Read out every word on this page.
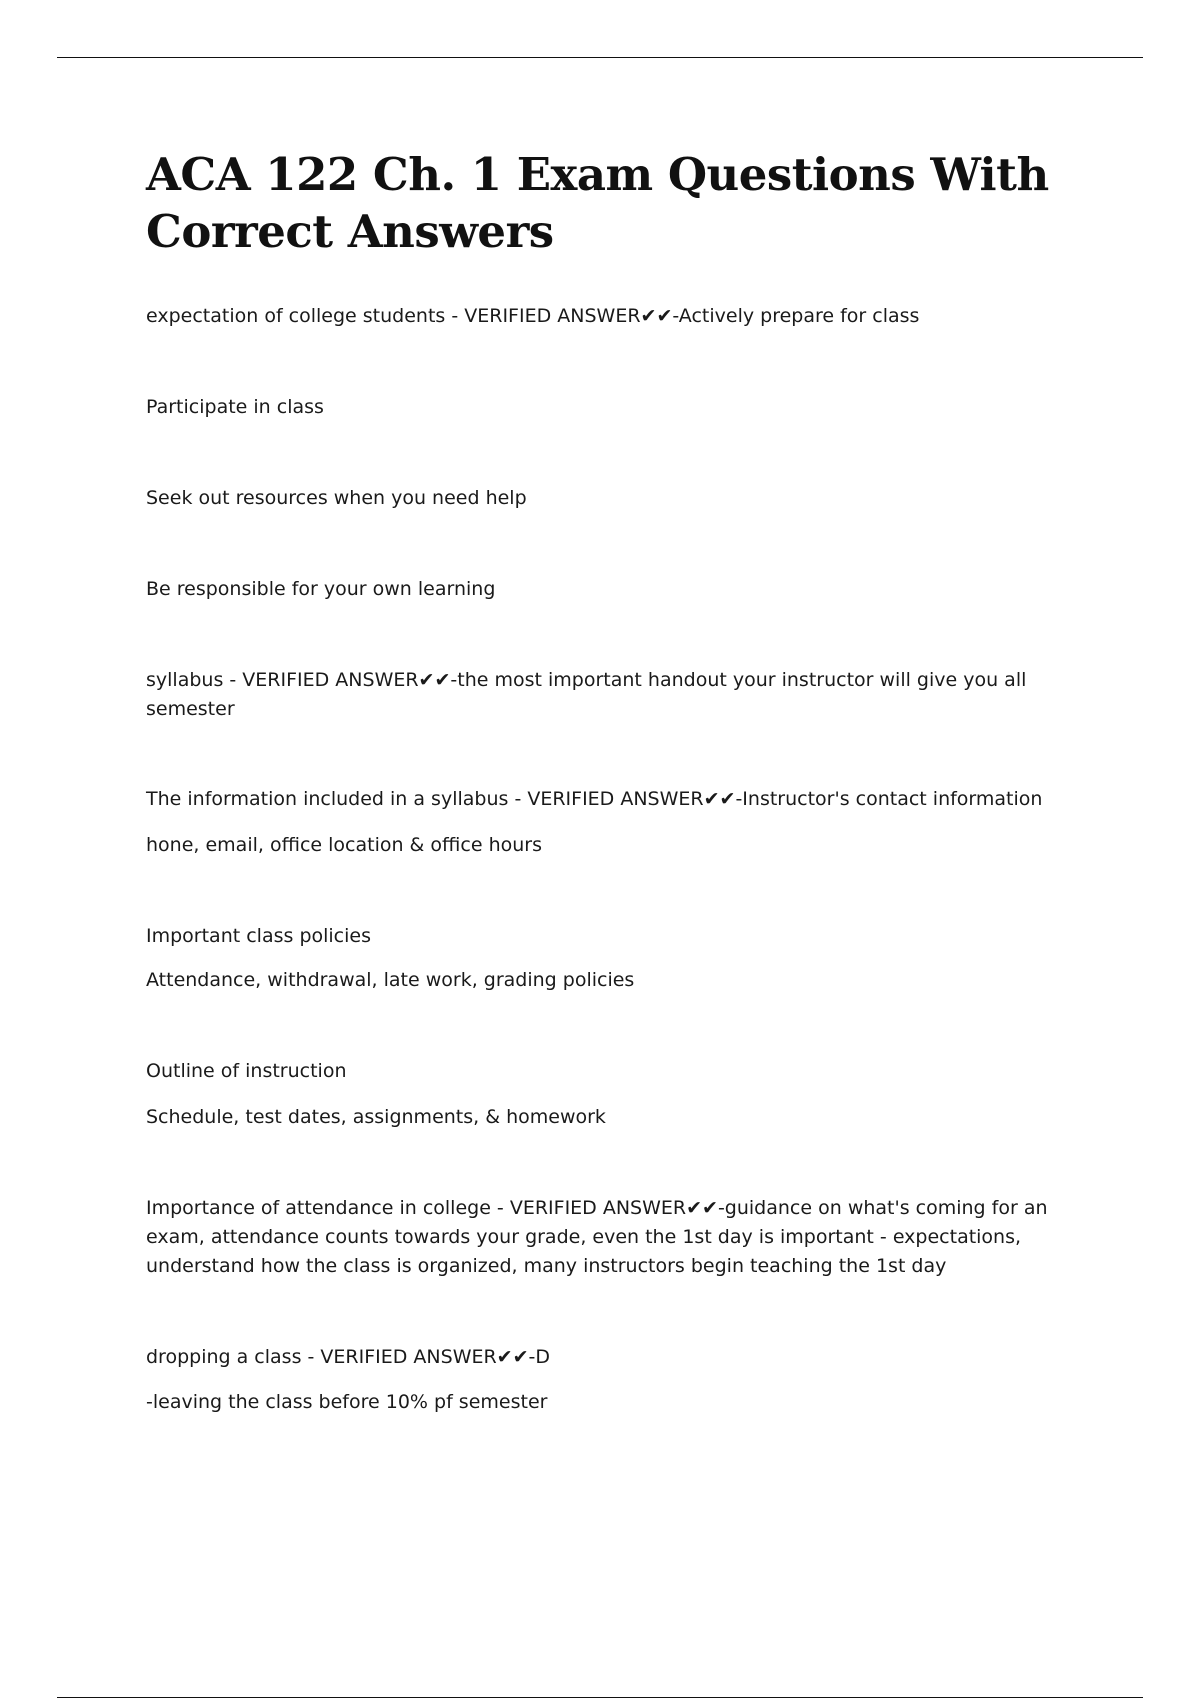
ACA 122 Ch. 1 Exam Questions With Correct Answers

expectation of college students - VERIFIED ANSWER✔✔-Actively prepare for class

Participate in class

Seek out resources when you need help

Be responsible for your own learning

syllabus - VERIFIED ANSWER✔✔-the most important handout your instructor will give you all semester

The information included in a syllabus - VERIFIED ANSWER✔✔-Instructor's contact information

hone, email, office location & office hours

Important class policies

Attendance, withdrawal, late work, grading policies

Outline of instruction

Schedule, test dates, assignments, & homework

Importance of attendance in college - VERIFIED ANSWER✔✔-guidance on what's coming for an exam, attendance counts towards your grade, even the 1st day is important - expectations, understand how the class is organized, many instructors begin teaching the 1st day

dropping a class - VERIFIED ANSWER✔✔-D

-leaving the class before 10% pf semester
